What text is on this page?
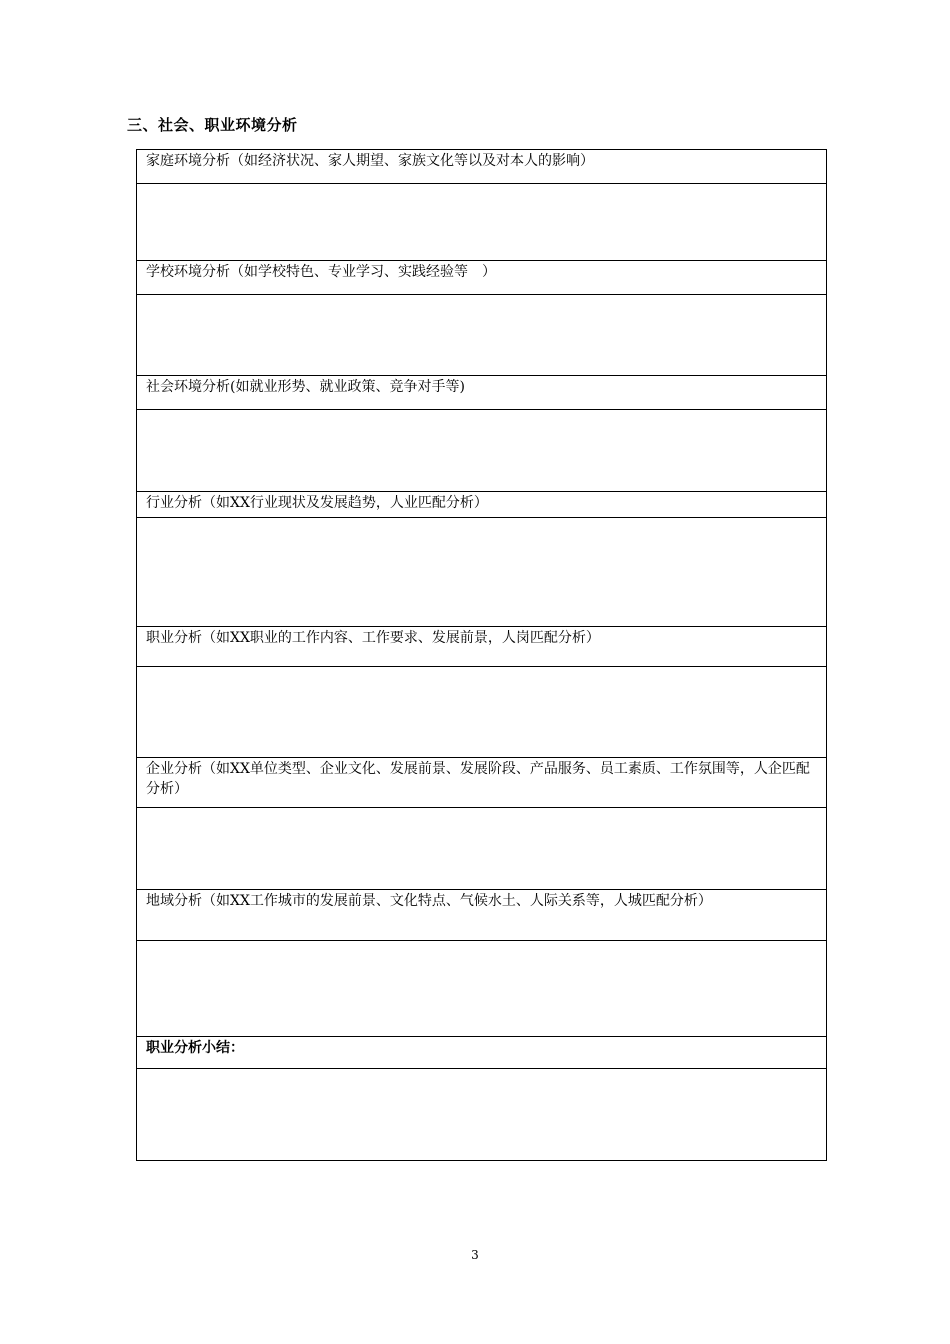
三、社会、职业环境分析
家庭环境分析（如经济状况、家人期望、家族文化等以及对本人的影响）

学校环境分析（如学校特色、专业学习、实践经验等　）

社会环境分析(如就业形势、就业政策、竞争对手等)

行业分析（如XX行业现状及发展趋势，人业匹配分析）

职业分析（如XX职业的工作内容、工作要求、发展前景，人岗匹配分析）

企业分析（如XX单位类型、企业文化、发展前景、发展阶段、产品服务、员工素质、工作氛围等，人企匹配分析）

地域分析（如XX工作城市的发展前景、文化特点、气候水土、人际关系等，人城匹配分析）

职业分析小结：

3
